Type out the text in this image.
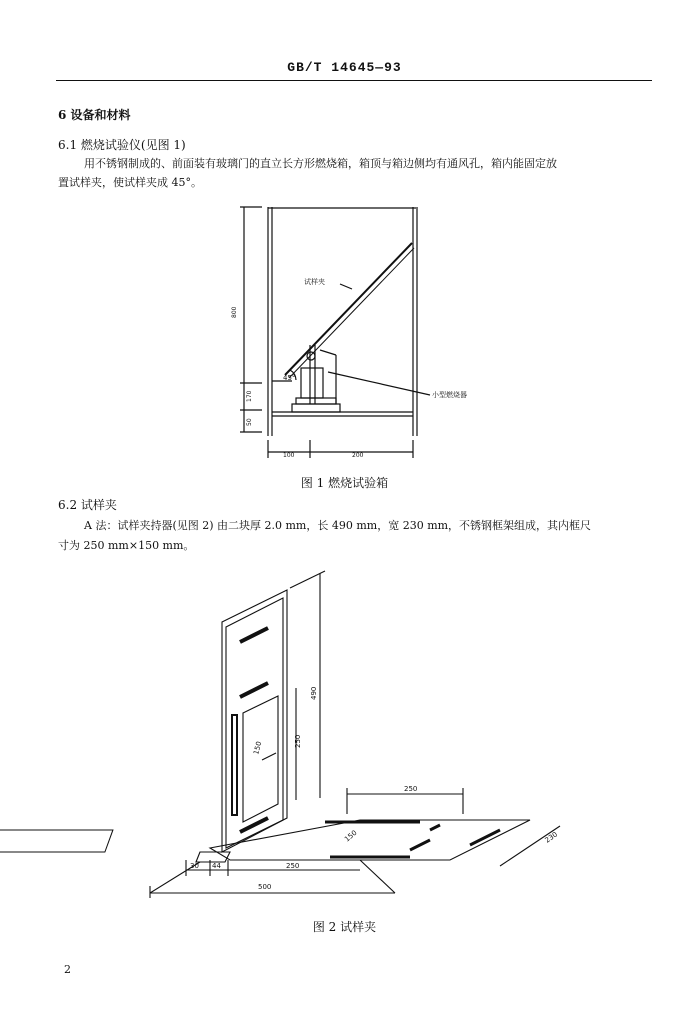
GB/T 14645—93
6 设备和材料
6.1 燃烧试验仪(见图 1)
用不锈钢制成的、前面装有玻璃门的直立长方形燃烧箱，箱顶与箱边侧均有通风孔，箱内能固定放
置试样夹，使试样夹成 45°。
试样夹
小型燃烧器
45°
800
170
50
100	200
图 1 燃烧试验箱
6.2 试样夹
A 法：试样夹持器(见图 2) 由二块厚 2.0 mm，长 490 mm，宽 230 mm，不锈钢框架组成，其内框尺
寸为 250 mm×150 mm。
490
250
150
250
230
150
30 44	250
500
图 2 试样夹
2
